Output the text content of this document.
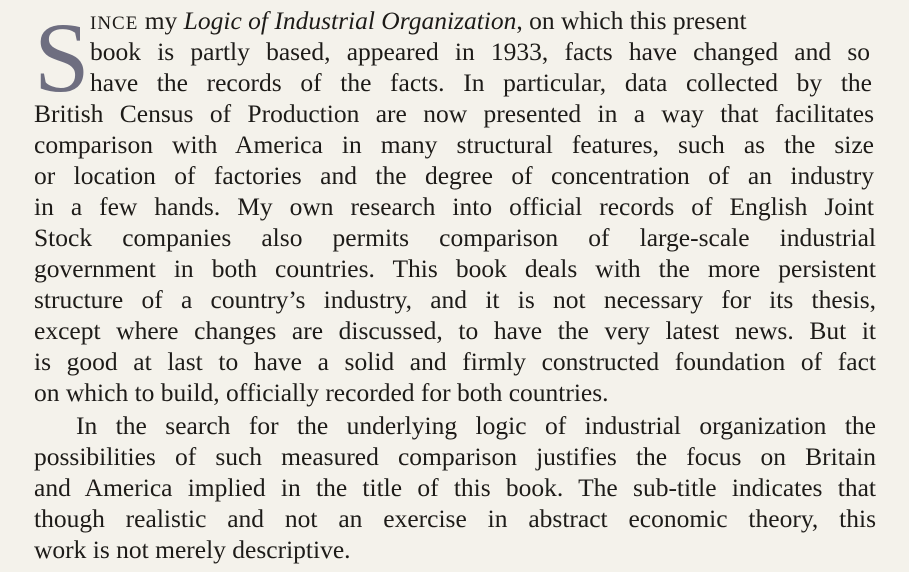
S INCE my Logic of Industrial Organization, on which this present
book is partly based, appeared in 1933, facts have changed and so
have the records of the facts. In particular, data collected by the
British Census of Production are now presented in a way that facilitates
comparison with America in many structural features, such as the size
or location of factories and the degree of concentration of an industry
in a few hands. My own research into official records of English Joint
Stock companies also permits comparison of large-scale industrial
government in both countries. This book deals with the more persistent
structure of a country’s industry, and it is not necessary for its thesis,
except where changes are discussed, to have the very latest news. But it
is good at last to have a solid and firmly constructed foundation of fact
on which to build, officially recorded for both countries.
In the search for the underlying logic of industrial organization the
possibilities of such measured comparison justifies the focus on Britain
and America implied in the title of this book. The sub-title indicates that
though realistic and not an exercise in abstract economic theory, this
work is not merely descriptive.
